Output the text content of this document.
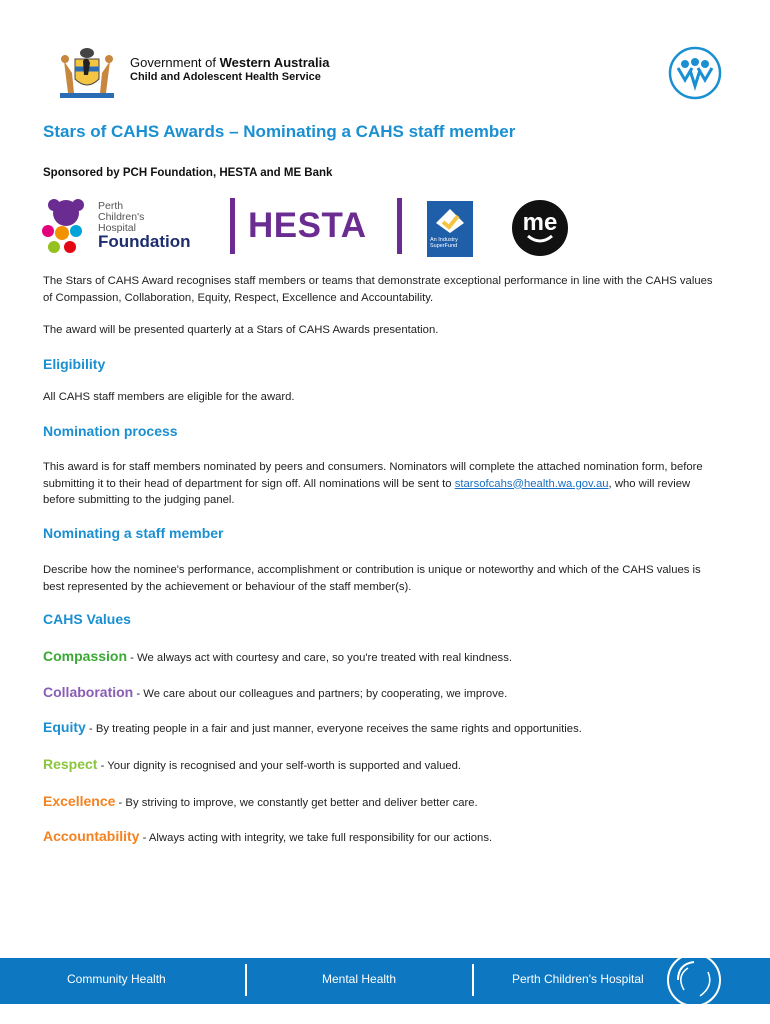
Government of Western Australia
Child and Adolescent Health Service
Stars of CAHS Awards – Nominating a CAHS staff member
Sponsored by PCH Foundation, HESTA and ME Bank
Perth
Children's
Hospital
Foundation HESTA	An Industry
SuperFund
me

The Stars of CAHS Award recognises staff members or teams that demonstrate exceptional performance in line with the CAHS values of Compassion, Collaboration, Equity, Respect, Excellence and Accountability.

The award will be presented quarterly at a Stars of CAHS Awards presentation.

Eligibility

All CAHS staff members are eligible for the award.

Nomination process

This award is for staff members nominated by peers and consumers. Nominators will complete the attached nomination form, before submitting it to their head of department for sign off. All nominations will be sent to starsofcahs@health.wa.gov.au, who will review before submitting to the judging panel.

Nominating a staff member

Describe how the nominee's performance, accomplishment or contribution is unique or noteworthy and which of the CAHS values is best represented by the achievement or behaviour of the staff member(s).

CAHS Values
Compassion - We always act with courtesy and care, so you're treated with real kindness.
Collaboration - We care about our colleagues and partners; by cooperating, we improve.
Equity - By treating people in a fair and just manner, everyone receives the same rights and opportunities.
Respect - Your dignity is recognised and your self-worth is supported and valued.
Excellence - By striving to improve, we constantly get better and deliver better care.
Accountability - Always acting with integrity, we take full responsibility for our actions.
Community Health	Mental Health	Perth Children's Hospital
